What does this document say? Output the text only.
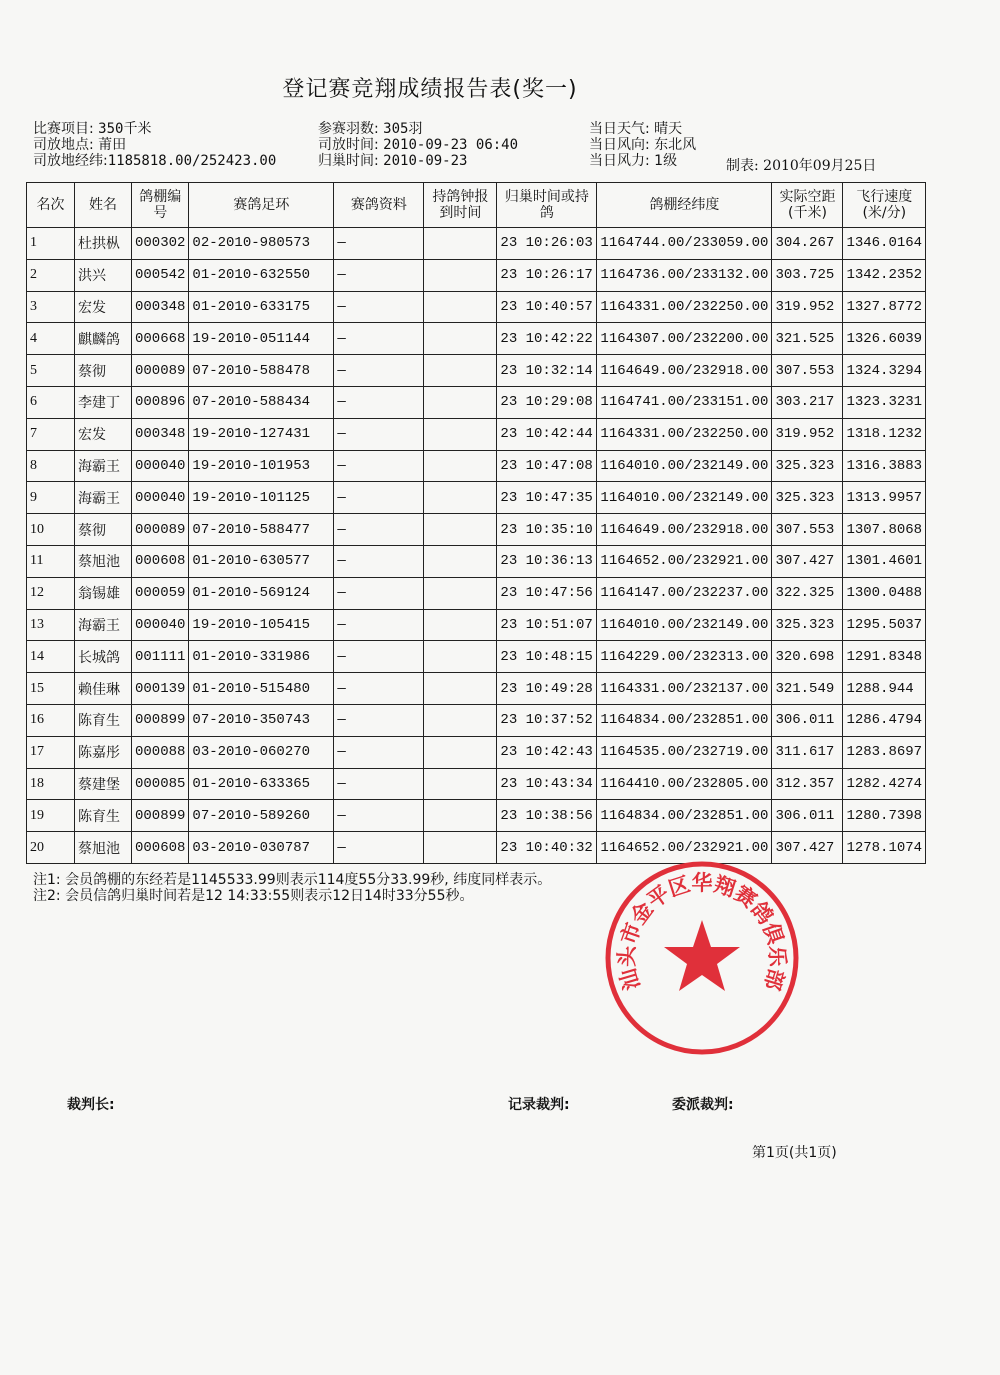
登记赛竞翔成绩报告表(奖一)
比赛项目: 350千米
司放地点: 莆田
司放地经纬:1185818.00/252423.00
参赛羽数: 305羽
司放时间: 2010-09-23 06:40
归巢时间: 2010-09-23
当日天气: 晴天
当日风向: 东北风
当日风力: 1级	制表: 2010年09月25日
名次	姓名	鸽棚编号	赛鸽足环	赛鸽资料	持鸽钟报到时间	归巢时间或持鸽	鸽棚经纬度	实际空距(千米)	飞行速度(米/分)
1	杜拱枞	000302	02-2010-980573	—		23 10:26:03	1164744.00/233059.00	304.267	1346.0164
2	洪兴	000542	01-2010-632550	—		23 10:26:17	1164736.00/233132.00	303.725	1342.2352
3	宏发	000348	01-2010-633175	—		23 10:40:57	1164331.00/232250.00	319.952	1327.8772
4	麒麟鸽	000668	19-2010-051144	—		23 10:42:22	1164307.00/232200.00	321.525	1326.6039
5	蔡彻	000089	07-2010-588478	—		23 10:32:14	1164649.00/232918.00	307.553	1324.3294
6	李建丁	000896	07-2010-588434	—		23 10:29:08	1164741.00/233151.00	303.217	1323.3231
7	宏发	000348	19-2010-127431	—		23 10:42:44	1164331.00/232250.00	319.952	1318.1232
8	海霸王	000040	19-2010-101953	—		23 10:47:08	1164010.00/232149.00	325.323	1316.3883
9	海霸王	000040	19-2010-101125	—		23 10:47:35	1164010.00/232149.00	325.323	1313.9957
10	蔡彻	000089	07-2010-588477	—		23 10:35:10	1164649.00/232918.00	307.553	1307.8068
11	蔡旭池	000608	01-2010-630577	—		23 10:36:13	1164652.00/232921.00	307.427	1301.4601
12	翁锡雄	000059	01-2010-569124	—		23 10:47:56	1164147.00/232237.00	322.325	1300.0488
13	海霸王	000040	19-2010-105415	—		23 10:51:07	1164010.00/232149.00	325.323	1295.5037
14	长城鸽	001111	01-2010-331986	—		23 10:48:15	1164229.00/232313.00	320.698	1291.8348
15	赖佳琳	000139	01-2010-515480	—		23 10:49:28	1164331.00/232137.00	321.549	1288.944
16	陈育生	000899	07-2010-350743	—		23 10:37:52	1164834.00/232851.00	306.011	1286.4794
17	陈嘉彤	000088	03-2010-060270	—		23 10:42:43	1164535.00/232719.00	311.617	1283.8697
18	蔡建堡	000085	01-2010-633365	—		23 10:43:34	1164410.00/232805.00	312.357	1282.4274
19	陈育生	000899	07-2010-589260	—		23 10:38:56	1164834.00/232851.00	306.011	1280.7398
20	蔡旭池	000608	03-2010-030787	—		23 10:40:32	1164652.00/232921.00	307.427	1278.1074
注1: 会员鸽棚的东经若是1145533.99则表示114度55分33.99秒, 纬度同样表示。
注2: 会员信鸽归巢时间若是12 14:33:55则表示12日14时33分55秒。
汕头市金平区华翔赛鸽俱乐部
裁判长:	记录裁判:	委派裁判:
第1页(共1页)
